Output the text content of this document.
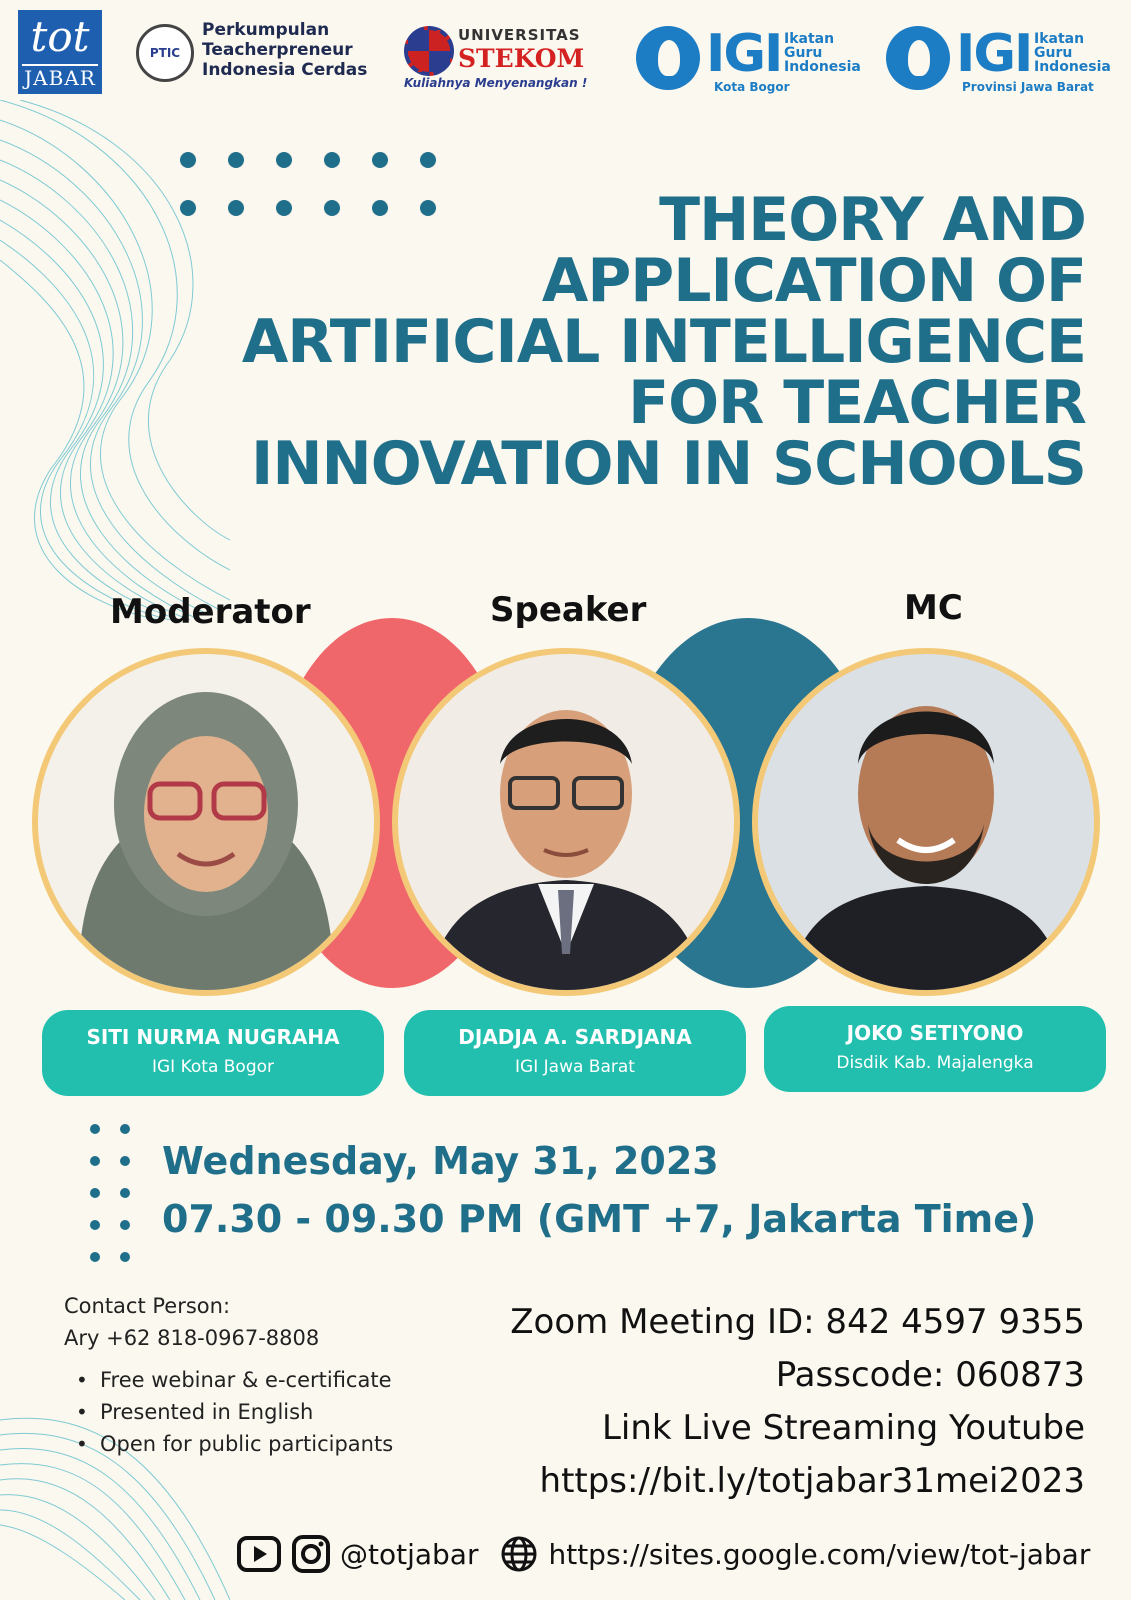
tot
JABAR
PTIC
Perkumpulan
Teacherpreneur
Indonesia Cerdas
UNIVERSITAS
STEKOM
Kuliahnya Menyenangkan ! IGI Ikatan
Guru
Indonesia
Kota Bogor
IGI Ikatan
Guru
Indonesia
Provinsi Jawa Barat
THEORY AND
APPLICATION OF
ARTIFICIAL INTELLIGENCE
FOR TEACHER
INNOVATION IN SCHOOLS
Moderator	Speaker	MC
SITI NURMA NUGRAHA
IGI Kota Bogor
DJADJA A. SARDJANA
IGI Jawa Barat
JOKO SETIYONO
Disdik Kab. Majalengka
Wednesday, May 31, 2023
07.30 - 09.30 PM (GMT +7, Jakarta Time)
Contact Person:
Ary +62 818-0967-8808
• Free webinar & e-certificate
• Presented in English
• Open for public participants
Zoom Meeting ID: 842 4597 9355
Passcode: 060873
Link Live Streaming Youtube
https://bit.ly/totjabar31mei2023
@totjabar	https://sites.google.com/view/tot-jabar
